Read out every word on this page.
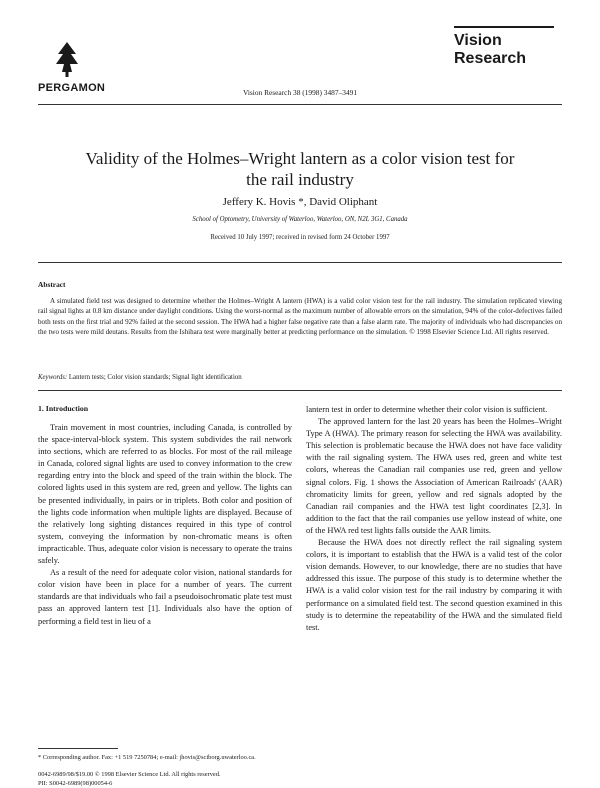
PERGAMON	Vision Research 38 (1998) 3487–3491
Vision
Research
Validity of the Holmes–Wright lantern as a color vision test for
the rail industry
Jeffery K. Hovis *, David Oliphant
School of Optometry, University of Waterloo, Waterloo, ON, N2L 3G1, Canada
Received 10 July 1997; received in revised form 24 October 1997
Abstract
A simulated field test was designed to determine whether the Holmes–Wright A lantern (HWA) is a valid color vision test for the rail industry. The simulation replicated viewing rail signal lights at 0.8 km distance under daylight conditions. Using the worst-normal as the maximum number of allowable errors on the simulation, 94% of the color-defectives failed both tests on the first trial and 92% failed at the second session. The HWA had a higher false negative rate than a false alarm rate. The majority of individuals who had discrepancies on the two tests were mild deutans. Results from the Ishihara test were marginally better at predicting performance on the simulation. © 1998 Elsevier Science Ltd. All rights reserved.
Keywords: Lantern tests; Color vision standards; Signal light identification
1. Introduction

Train movement in most countries, including Canada, is controlled by the space-interval-block system. This system subdivides the rail network into sections, which are referred to as blocks. For most of the rail mileage in Canada, colored signal lights are used to convey information to the crew regarding entry into the block and speed of the train within the block. The colored lights used in this system are red, green and yellow. The lights can be presented individually, in pairs or in triplets. Both color and position of the lights code information when multiple lights are displayed. Because of the relatively long sighting distances required in this type of control system, conveying the information by non-chromatic means is often impracticable. Thus, adequate color vision is necessary to operate the trains safely.

As a result of the need for adequate color vision, national standards for color vision have been in place for a number of years. The current standards are that individuals who fail a pseudoisochromatic plate test must pass an approved lantern test [1]. Individuals also have the option of performing a field test in lieu of a

lantern test in order to determine whether their color vision is sufficient.

The approved lantern for the last 20 years has been the Holmes–Wright Type A (HWA). The primary reason for selecting the HWA was availability. This selection is problematic because the HWA does not have face validity with the rail signaling system. The HWA uses red, green and white test colors, whereas the Canadian rail companies use red, green and yellow signal colors. Fig. 1 shows the Association of American Railroads' (AAR) chromaticity limits for green, yellow and red signals adopted by the Canadian rail companies and the HWA test light coordinates [2,3]. In addition to the fact that the rail companies use yellow instead of white, one of the HWA red test lights falls outside the AAR limits.

Because the HWA does not directly reflect the rail signaling system colors, it is important to establish that the HWA is a valid test of the color vision demands. However, to our knowledge, there are no studies that have addressed this issue. The purpose of this study is to determine whether the HWA is a valid color vision test for the rail industry by comparing it with performance on a simulated field test. The second question examined in this study is to determine the repeatability of the HWA and the simulated field test.

* Corresponding author. Fax: +1 519 7250784; e-mail: jhovis@sciborg.uwaterloo.ca.
0042-6989/98/$19.00 © 1998 Elsevier Science Ltd. All rights reserved.
PII: S0042-6989(98)00054-6
